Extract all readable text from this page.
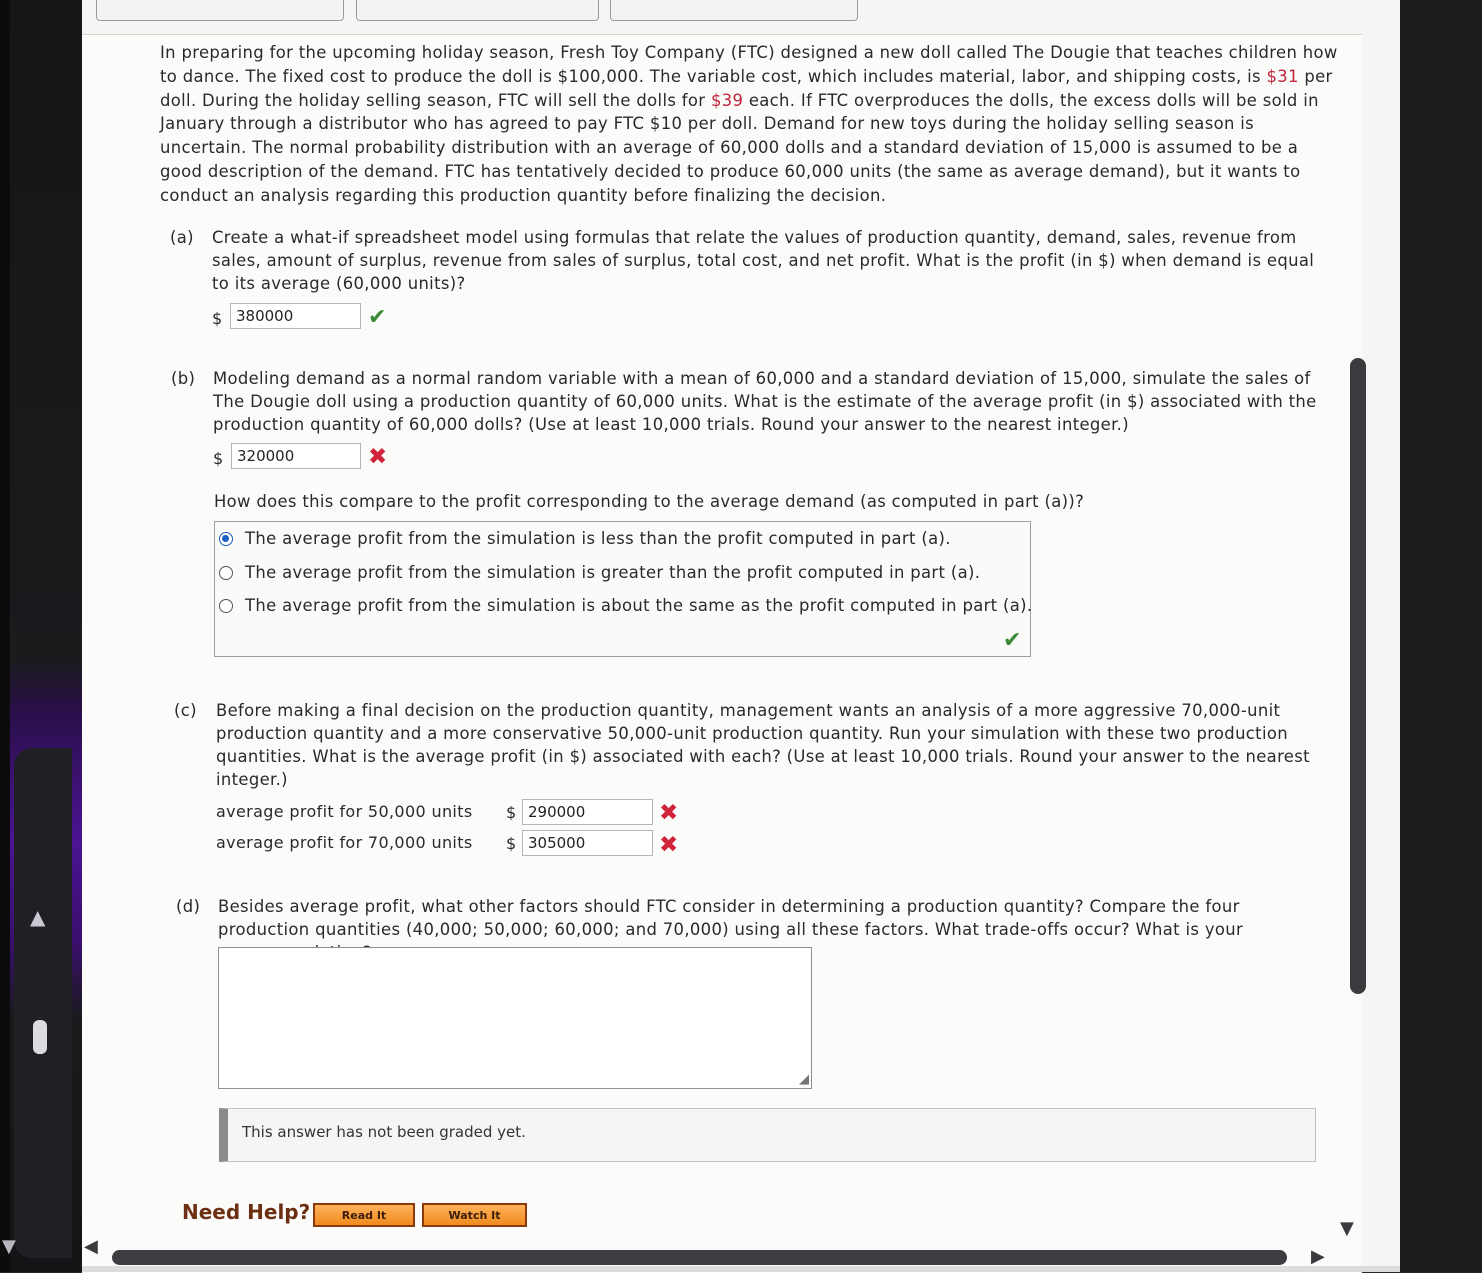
▲
▼
In preparing for the upcoming holiday season, Fresh Toy Company (FTC) designed a new doll called The Dougie that teaches children how to dance. The fixed cost to produce the doll is $100,000. The variable cost, which includes material, labor, and shipping costs, is $31 per doll. During the holiday selling season, FTC will sell the dolls for $39 each. If FTC overproduces the dolls, the excess dolls will be sold in January through a distributor who has agreed to pay FTC $10 per doll. Demand for new toys during the holiday selling season is uncertain. The normal probability distribution with an average of 60,000 dolls and a standard deviation of 15,000 is assumed to be a good description of the demand. FTC has tentatively decided to produce 60,000 units (the same as average demand), but it wants to conduct an analysis regarding this production quantity before finalizing the decision.
(a) Create a what-if spreadsheet model using formulas that relate the values of production quantity, demand, sales, revenue from sales, amount of surplus, revenue from sales of surplus, total cost, and net profit. What is the profit (in $) when demand is equal to its average (60,000 units)?
$
380000	✔
(b) Modeling demand as a normal random variable with a mean of 60,000 and a standard deviation of 15,000, simulate the sales of The Dougie doll using a production quantity of 60,000 units. What is the estimate of the average profit (in $) associated with the production quantity of 60,000 dolls? (Use at least 10,000 trials. Round your answer to the nearest integer.)
$
320000	✖
How does this compare to the profit corresponding to the average demand (as computed in part (a))?
The average profit from the simulation is less than the profit computed in part (a).
The average profit from the simulation is greater than the profit computed in part (a).
The average profit from the simulation is about the same as the profit computed in part (a).
✔
(c) Before making a final decision on the production quantity, management wants an analysis of a more aggressive 70,000-unit production quantity and a more conservative 50,000-unit production quantity. Run your simulation with these two production quantities. What is the average profit (in $) associated with each? (Use at least 10,000 trials. Round your answer to the nearest integer.)
average profit for 50,000 units $
290000	✖
average profit for 70,000 units $
305000	✖
(d) Besides average profit, what other factors should FTC consider in determining a production quantity? Compare the four production quantities (40,000; 50,000; 60,000; and 70,000) using all these factors. What trade-offs occur? What is your
◢
This answer has not been graded yet.
Need Help?	Read It	Watch It
▼
◀	▶
